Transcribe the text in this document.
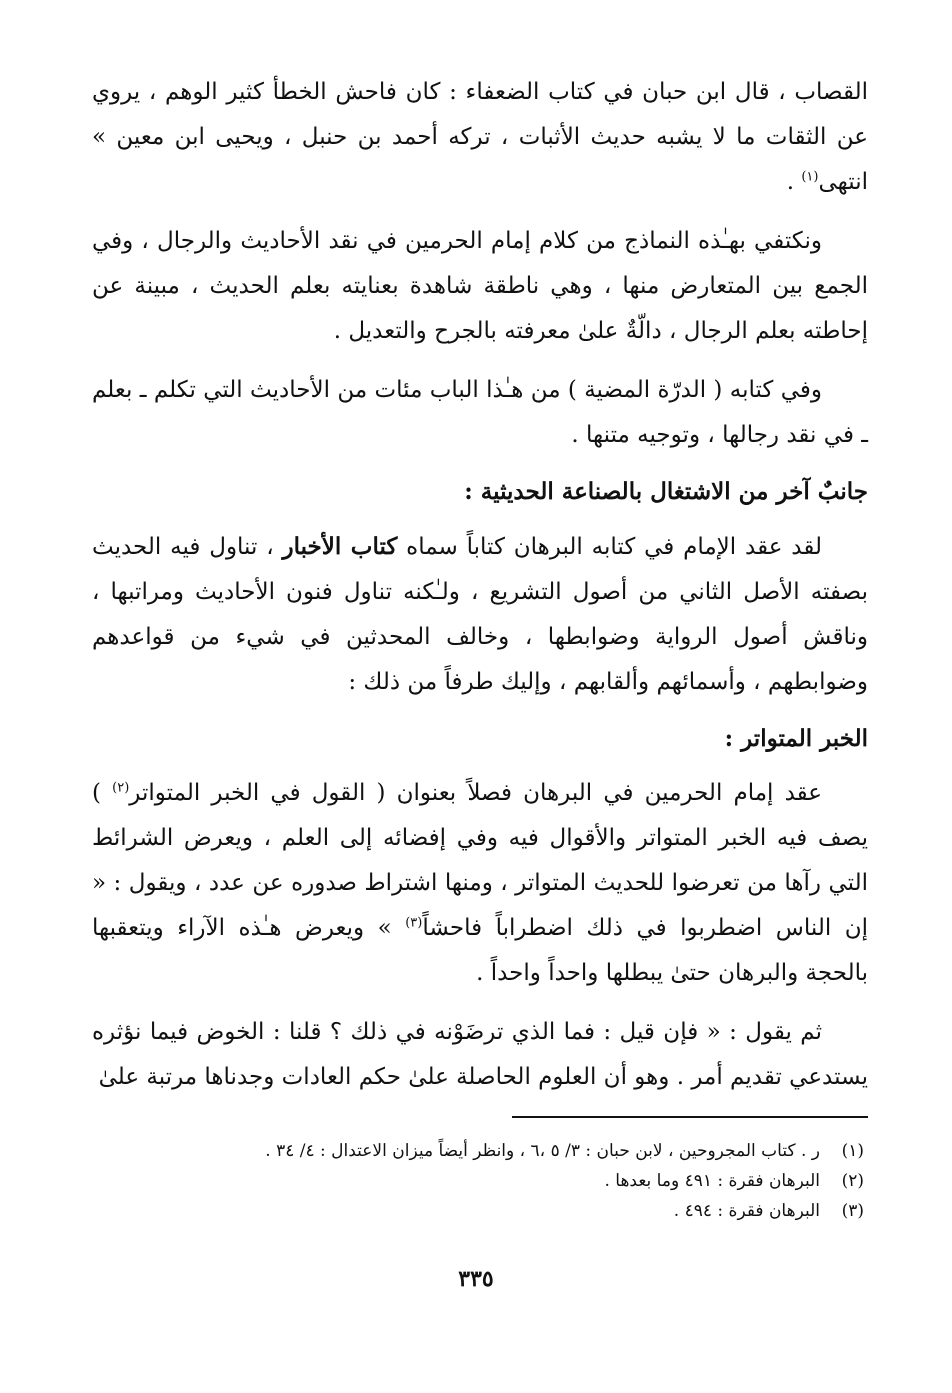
القصاب ، قال ابن حبان في كتاب الضعفاء : كان فاحش الخطأ كثير الوهم ، يروي عن الثقات ما لا يشبه حديث الأثبات ، تركه أحمد بن حنبل ، ويحيى ابن معين » انتهى$^{(١)}$ .

ونكتفي بهـٰذه النماذج من كلام إمام الحرمين في نقد الأحاديث والرجال ، وفي الجمع بين المتعارض منها ، وهي ناطقة شاهدة بعنايته بعلم الحديث ، مبينة عن إحاطته بعلم الرجال ، دالّةٌ علىٰ معرفته بالجرح والتعديل .

وفي كتابه ( الدرّة المضية ) من هـٰذا الباب مئات من الأحاديث التي تكلم ـ بعلم ـ في نقد رجالها ، وتوجيه متنها .

جانبٌ آخر من الاشتغال بالصناعة الحديثية :

لقد عقد الإمام في كتابه البرهان كتاباً سماه كتاب الأخبار ، تناول فيه الحديث بصفته الأصل الثاني من أصول التشريع ، ولـٰكنه تناول فنون الأحاديث ومراتبها ، وناقش أصول الرواية وضوابطها ، وخالف المحدثين في شيء من قواعدهم وضوابطهم ، وأسمائهم وألقابهم ، وإليك طرفاً من ذلك :

الخبر المتواتر :

عقد إمام الحرمين في البرهان فصلاً بعنوان ( القول في الخبر المتواتر$^{(٢)}$ ) يصف فيه الخبر المتواتر والأقوال فيه وفي إفضائه إلى العلم ، ويعرض الشرائط التي رآها من تعرضوا للحديث المتواتر ، ومنها اشتراط صدوره عن عدد ، ويقول : « إن الناس اضطربوا في ذلك اضطراباً فاحشاً$^{(٣)}$ » ويعرض هـٰذه الآراء ويتعقبها بالحجة والبرهان حتىٰ يبطلها واحداً واحداً .

ثم يقول : « فإن قيل : فما الذي ترضَوْنه في ذلك ؟ قلنا : الخوض فيما نؤثره يستدعي تقديم أمر . وهو أن العلوم الحاصلة علىٰ حكم العادات وجدناها مرتبة علىٰ

(١)ر . كتاب المجروحين ، لابن حبان : ٣/ ٥ ،٦ ، وانظر أيضاً ميزان الاعتدال : ٤/ ٣٤ .

(٢)البرهان فقرة : ٤٩١ وما بعدها .

(٣)البرهان فقرة : ٤٩٤ .

٣٣٥
